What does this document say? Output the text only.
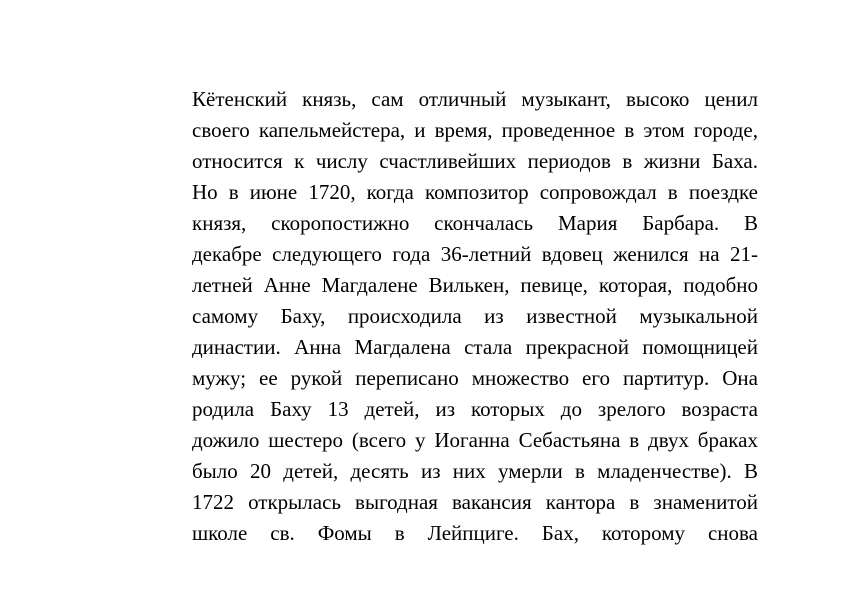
Кётенский князь, сам отличный музыкант, высоко ценил
своего капельмейстера, и время, проведенное в этом городе,
относится к числу счастливейших периодов в жизни Баха.
Но в июне 1720, когда композитор сопровождал в поездке
князя, скоропостижно скончалась Мария Барбара. В
декабре следующего года 36-летний вдовец женился на 21-
летней Анне Магдалене Вилькен, певице, которая, подобно
самому Баху, происходила из известной музыкальной
династии. Анна Магдалена стала прекрасной помощницей
мужу; ее рукой переписано множество его партитур. Она
родила Баху 13 детей, из которых до зрелого возраста
дожило шестеро (всего у Иоганна Себастьяна в двух браках
было 20 детей, десять из них умерли в младенчестве). В
1722 открылась выгодная вакансия кантора в знаменитой
школе св. Фомы в Лейпциге. Бах, которому снова
